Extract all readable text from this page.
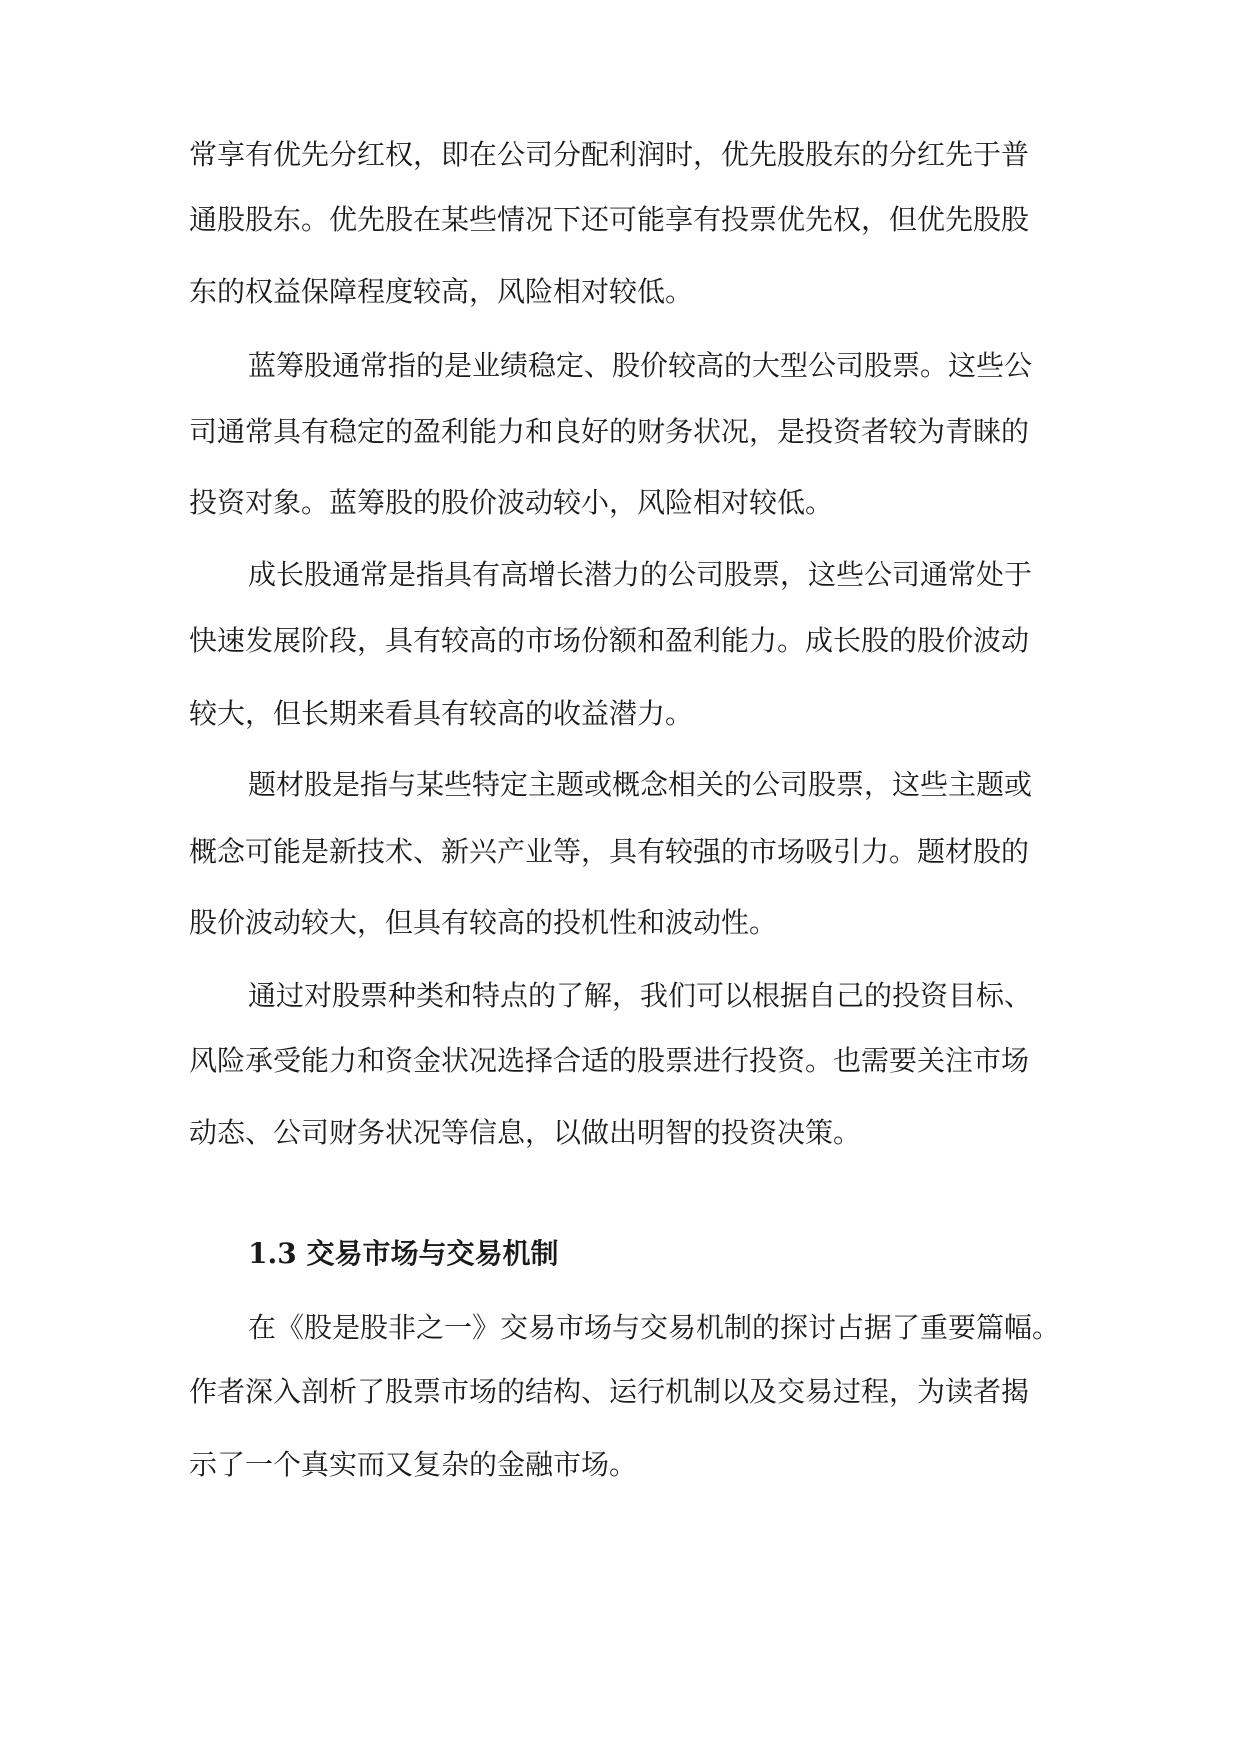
常享有优先分红权，即在公司分配利润时，优先股股东的分红先于普
通股股东。优先股在某些情况下还可能享有投票优先权，但优先股股
东的权益保障程度较高，风险相对较低。
蓝筹股通常指的是业绩稳定、股价较高的大型公司股票。这些公
司通常具有稳定的盈利能力和良好的财务状况，是投资者较为青睐的
投资对象。蓝筹股的股价波动较小，风险相对较低。
成长股通常是指具有高增长潜力的公司股票，这些公司通常处于
快速发展阶段，具有较高的市场份额和盈利能力。成长股的股价波动
较大，但长期来看具有较高的收益潜力。
题材股是指与某些特定主题或概念相关的公司股票，这些主题或
概念可能是新技术、新兴产业等，具有较强的市场吸引力。题材股的
股价波动较大，但具有较高的投机性和波动性。
通过对股票种类和特点的了解，我们可以根据自己的投资目标、
风险承受能力和资金状况选择合适的股票进行投资。也需要关注市场
动态、公司财务状况等信息，以做出明智的投资决策。
1.3 交易市场与交易机制
在《股是股非之一》交易市场与交易机制的探讨占据了重要篇幅。
作者深入剖析了股票市场的结构、运行机制以及交易过程，为读者揭
示了一个真实而又复杂的金融市场。
